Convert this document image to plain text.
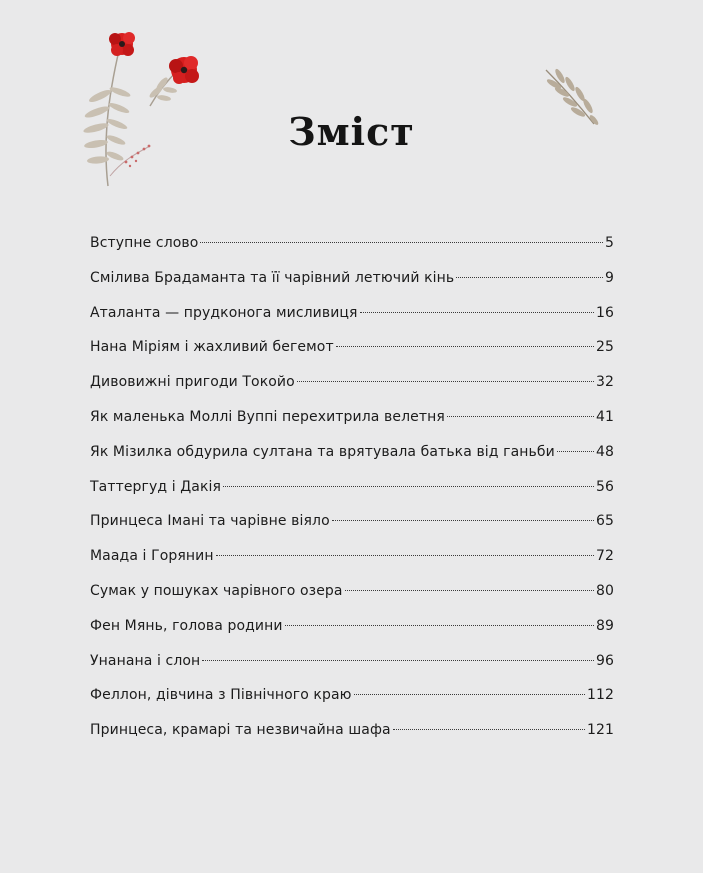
Зміст
Вступне слово	5
Смілива Брадаманта та її чарівний летючий кінь	9
Аталанта — прудконога мисливиця	16
Нана Міріям і жахливий бегемот	25
Дивовижні пригоди Токойо	32
Як маленька Моллі Вуппі перехитрила велетня	41
Як Мізилка обдурила султана та врятувала батька від ганьби	48
Таттергуд і Дакія	56
Принцеса Імані та чарівне віяло	65
Маада і Горянин	72
Сумак у пошуках чарівного озера	80
Фен Мянь, голова родини	89
Унанана і слон	96
Феллон, дівчина з Північного краю	112
Принцеса, крамарі та незвичайна шафа	121
